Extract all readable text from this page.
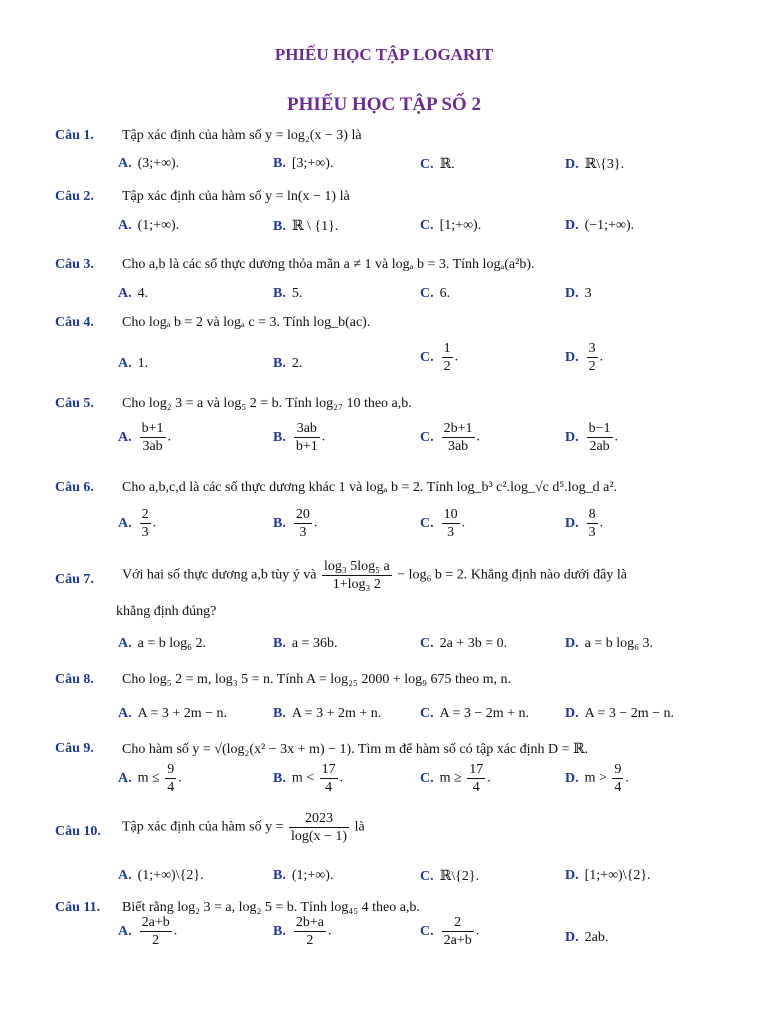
PHIẾU HỌC TẬP LOGARIT
PHIẾU HỌC TẬP SỐ 2
Câu 1. Tập xác định của hàm số y = log₂(x − 3) là
A. (3;+∞).	B. [3;+∞).	C. ℝ.	D. ℝ\{3}.
Câu 2. Tập xác định của hàm số y = ln(x − 1) là
A. (1;+∞).	B. ℝ \ {1}.	C. [1;+∞).	D. (−1;+∞).
Câu 3. Cho a,b là các số thực dương thỏa mãn a ≠ 1 và logₐ b = 3. Tính logₐ(a²b).
A. 4.	B. 5.	C. 6.	D. 3
Câu 4. Cho logₐ b = 2 và logₐ c = 3. Tính log_b(ac).
A. 1.	B. 2.	C. $\frac{1}{2}$ .	D. $\frac{3}{2}$ .
Câu 5. Cho log₂ 3 = a và log₅ 2 = b. Tính log₂₇ 10 theo a,b.
A. $\frac{b+1}{3ab}$ .	B. $\frac{3ab}{b+1}$ .	C. $\frac{2b+1}{3ab}$ .	D. $\frac{b-1}{2ab}$ .
Câu 6. Cho a,b,c,d là các số thực dương khác 1 và logₐ b = 2. Tính log_b³ c².log_√c d⁵.log_d a².
A. $\frac{2}{3}$ .	B. $\frac{20}{3}$ .	C. $\frac{10}{3}$ .	D. $\frac{8}{3}$ .
Câu 7. Với hai số thực dương a,b tùy ý và $\frac{\text{log₃ 5log₅ a}}{\text{1+log₃ 2}} - \log_6$ b = 2. Khẳng định nào dưới đây là
khẳng định đúng?
A. a = b log₆ 2.	B. a = 36b.	C. 2a + 3b = 0.	D. a = b log₆ 3.
Câu 8. Cho log₅ 2 = m, log₃ 5 = n. Tính A = log₂₅ 2000 + log₉ 675 theo m, n.
A. A = 3 + 2m − n.	B. A = 3 + 2m + n.	C. A = 3 − 2m + n.	D. A = 3 − 2m − n.
Câu 9. Cho hàm số y = √(log₂(x² − 3x + m) − 1). Tìm m để hàm số có tập xác định D = ℝ.
A. $m \le \frac{9}{4}$ .	B. $m < \frac{17}{4}$ .	C. $m \ge \frac{17}{4}$ .	D. $m > \frac{9}{4}$ .
Câu 10. Tập xác định của hàm số $y = \frac{2023}{\log(x - 1)}$ là
A. (1;+∞)\{2}.	B. (1;+∞).	C. ℝ\{2}.	D. [1;+∞)\{2}.
Câu 11. Biết rằng log₂ 3 = a, log₂ 5 = b. Tính log₄₅ 4 theo a,b.
A. $\frac{2a+b}{2}$ .	B. $\frac{2b+a}{2}$ .	C. $\frac{2}{2a+b}$ .	D. 2ab.
